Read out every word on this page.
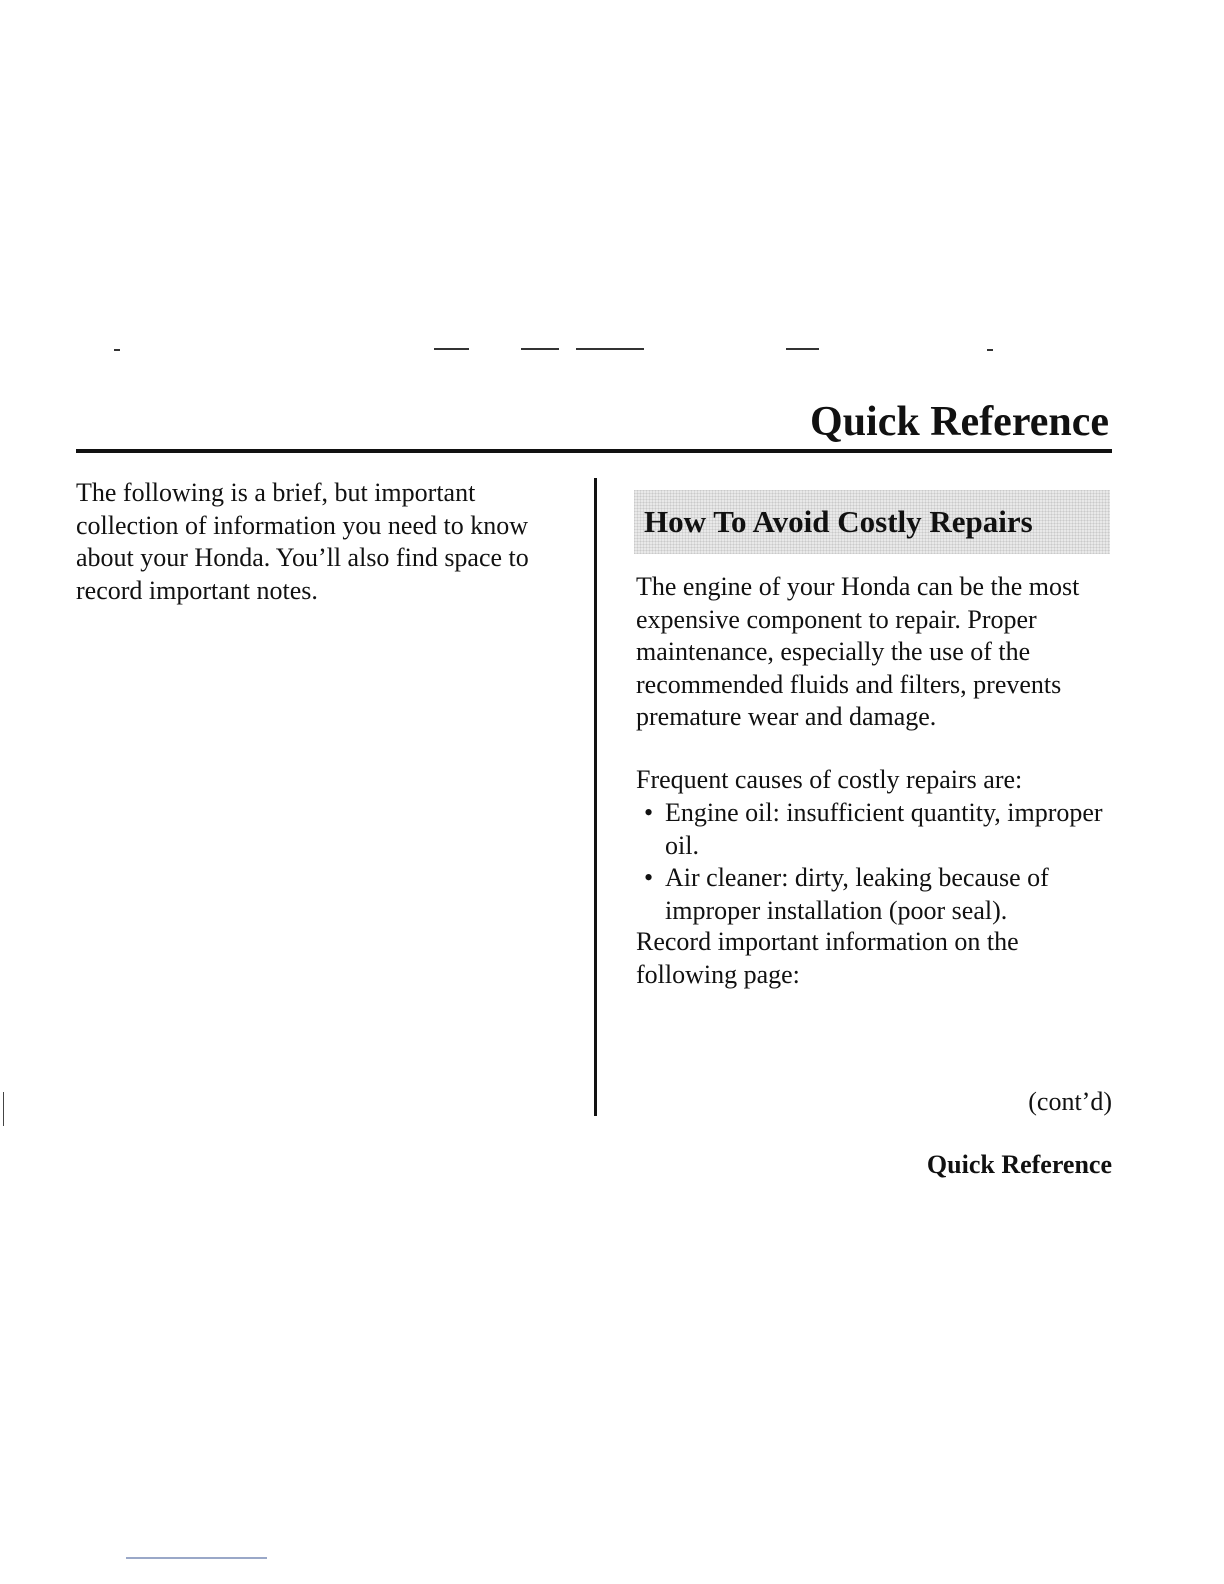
Quick Reference

The following is a brief, but important collection of information you need to know about your Honda. You’ll also find space to record important notes.

How To Avoid Costly Repairs

The engine of your Honda can be the most expensive component to repair. Proper maintenance, especially the use of the recommended fluids and filters, prevents premature wear and damage.

Frequent causes of costly repairs are:

• Engine oil: insufficient quantity, improper oil.
• Air cleaner: dirty, leaking because of improper installation (poor seal).

Record important information on the following page:

(cont’d)

Quick Reference
